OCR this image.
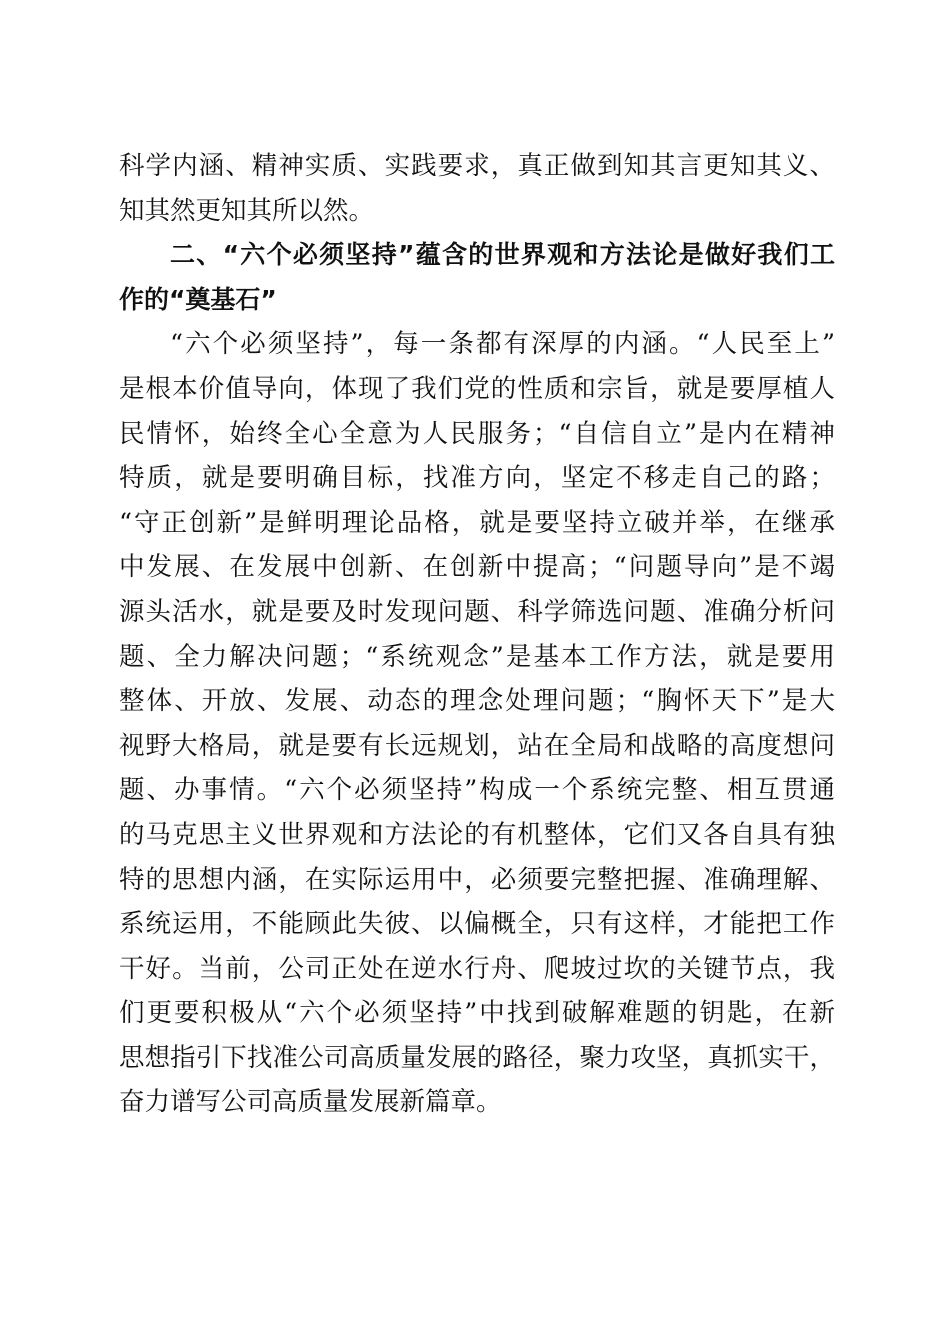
科学内涵、精神实质、实践要求，真正做到知其言更知其义、
知其然更知其所以然。
二、“六个必须坚持”蕴含的世界观和方法论是做好我们工
作的“奠基石”
“六个必须坚持”，每一条都有深厚的内涵。“人民至上”
是根本价值导向，体现了我们党的性质和宗旨，就是要厚植人
民情怀，始终全心全意为人民服务；“自信自立”是内在精神
特质，就是要明确目标，找准方向，坚定不移走自己的路；
“守正创新”是鲜明理论品格，就是要坚持立破并举，在继承
中发展、在发展中创新、在创新中提高；“问题导向”是不竭
源头活水，就是要及时发现问题、科学筛选问题、准确分析问
题、全力解决问题；“系统观念”是基本工作方法，就是要用
整体、开放、发展、动态的理念处理问题；“胸怀天下”是大
视野大格局，就是要有长远规划，站在全局和战略的高度想问
题、办事情。“六个必须坚持”构成一个系统完整、相互贯通
的马克思主义世界观和方法论的有机整体，它们又各自具有独
特的思想内涵，在实际运用中，必须要完整把握、准确理解、
系统运用，不能顾此失彼、以偏概全，只有这样，才能把工作
干好。当前，公司正处在逆水行舟、爬坡过坎的关键节点，我
们更要积极从“六个必须坚持”中找到破解难题的钥匙，在新
思想指引下找准公司高质量发展的路径，聚力攻坚，真抓实干，
奋力谱写公司高质量发展新篇章。
